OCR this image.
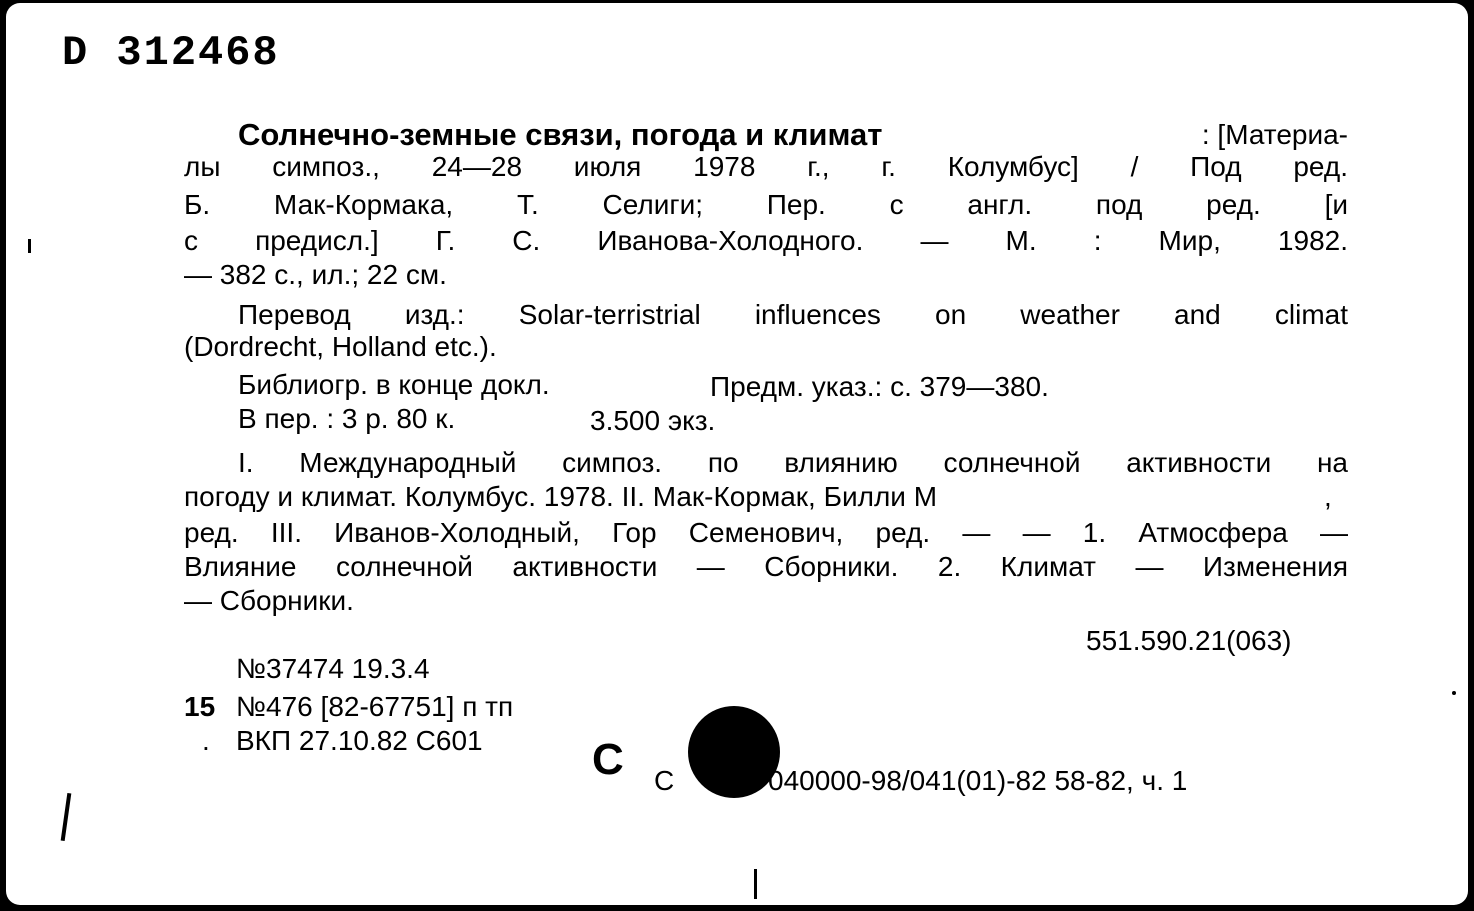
D 312468
Солнечно-земные связи, погода и климат	: [Материа-
лы симпоз., 24—28 июля 1978 г., г. Колумбус] / Под ред.
Б. Мак-Кормака, Т. Селиги; Пер. с англ. под ред. [и
с предисл.] Г. С. Иванова-Холодного. — М. : Мир, 1982.
— 382 с., ил.; 22 см.
Перевод изд.: Solar-terristrial influences on weather and climat
(Dordrecht, Holland etc.).
Библиогр. в конце докл.	Предм. указ.: с. 379—380.
В пер. : 3 р. 80 к.	3.500 экз.
I. Международный симпоз. по влиянию солнечной активности на
погоду и климат. Колумбус. 1978. II. Мак-Кормак, Билли М	,
ред. III. Иванов-Холодный, Гор Семенович, ред. — — 1. Атмосфера —
Влияние солнечной активности — Сборники. 2. Климат — Изменения
— Сборники.
551.590.21(063)
№37474 19.3.4
15 №476 [82-67751] п тп
. ВКП 27.10.82 С601 С С	040000-98/041(01)-82 58-82, ч. 1
